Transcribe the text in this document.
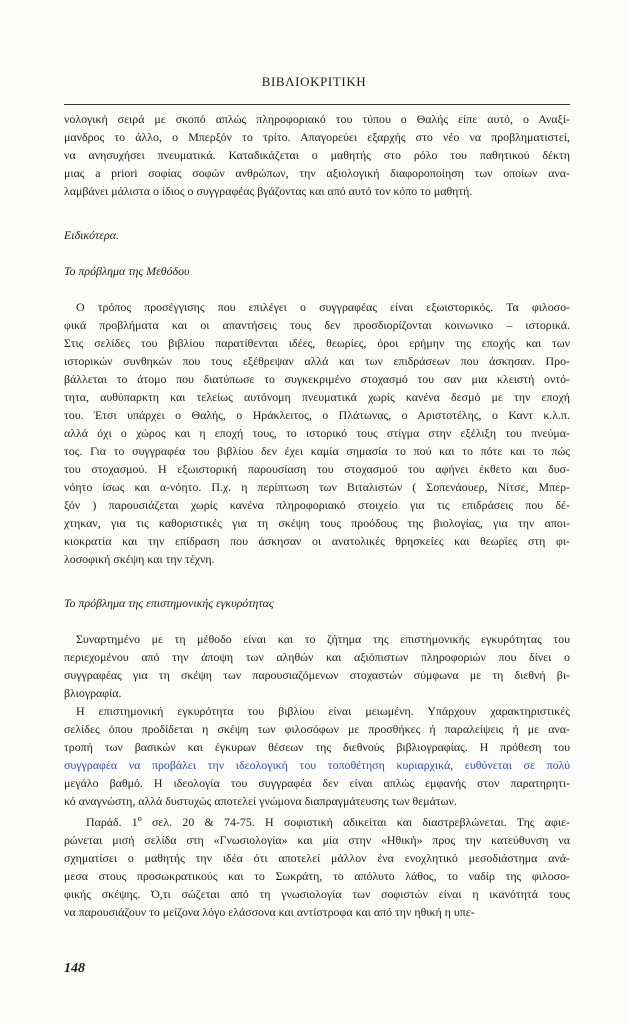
ΒΙΒΛΙΟΚΡΙΤΙΚΗ
νολογική σειρά με σκοπό απλώς πληροφοριακό του τύπου ο Θαλής είπε αυτό, ο Αναξί-
μανδρος το άλλο, ο Μπερξόν το τρίτο. Απαγορεύει εξαρχής στο νέο να προβληματιστεί,
να ανησυχήσει πνευματικά. Καταδικάζεται ο μαθητής στο ρόλο του παθητικού δέκτη
μιας a priori σοφίας σοφών ανθρώπων, την αξιολογική διαφοροποίηση των οποίων ανα-
λαμβάνει μάλιστα ο ίδιος ο συγγραφέας βγάζοντας και από αυτό τον κόπο το μαθητή.
Ειδικότερα.
Το πρόβλημα της Μεθόδου
Ο τρόπος προσέγγισης που επιλέγει ο συγγραφέας είναι εξωιστορικός. Τα φιλοσο-
φικά προβλήματα και οι απαντήσεις τους δεν προσδιορίζονται κοινωνικο – ιστορικά.
Στις σελίδες του βιβλίου παρατίθενται ιδέες, θεωρίες, όροι ερήμην της εποχής και των
ιστορικών συνθηκών που τους εξέθρεψαν αλλά και των επιδράσεων που άσκησαν. Προ-
βάλλεται το άτομο που διατύπωσε το συγκεκριμένο στοχασμό του σαν μια κλειστή οντό-
τητα, αυθύπαρκτη και τελείως αυτόνομη πνευματικά χωρίς κανένα δεσμό με την εποχή
του. Έτσι υπάρχει ο Θαλής, ο Ηράκλειτος, ο Πλάτωνας, ο Αριστοτέλης, ο Καντ κ.λ.π.
αλλά όχι ο χώρος και η εποχή τους, το ιστορικό τους στίγμα στην εξέλιξη του πνεύμα-
τος. Για το συγγραφέα του βιβλίου δεν έχει καμία σημασία το πού και το πότε και το πώς
του στοχασμού. Η εξωιστορική παρουσίαση του στοχασμού του αφήνει έκθετο και δυσ-
νόητο ίσως και α-νόητο. Π.χ. η περίπτωση των Βιταλιστών ( Σοπενάουερ, Νίτσε, Μπερ-
ξόν ) παρουσιάζεται χωρίς κανένα πληροφοριακό στοιχείο για τις επιδράσεις που δέ-
χτηκαν, για τις καθοριστικές για τη σκέψη τους προόδους της βιολογίας, για την αποι-
κιοκρατία και την επίδραση που άσκησαν οι ανατολικές θρησκείες και θεωρίες στη φι-
λοσοφική σκέψη και την τέχνη.
Το πρόβλημα της επιστημονικής εγκυρότητας
Συναρτημένο με τη μέθοδο είναι και το ζήτημα της επιστημονικής εγκυρότητας του
περιεχομένου από την άποψη των αληθών και αξιόπιστων πληροφοριών που δίνει ο
συγγραφέας για τη σκέψη των παρουσιαζόμενων στοχαστών σύμφωνα με τη διεθνή βι-
βλιογραφία.
Η επιστημονική εγκυρότητα του βιβλίου είναι μειωμένη. Υπάρχουν χαρακτηριστικές
σελίδες όπου προδίδεται η σκέψη των φιλοσόφων με προσθήκες ή παραλείψεις ή με ανα-
τροπή των βασικών και έγκυρων θέσεων της διεθνούς βιβλιογραφίας. Η πρόθεση του
συγγραφέα να προβάλει την ιδεολογική του τοποθέτηση κυριαρχικά, ευθύνεται σε πολύ
μεγάλο βαθμό. Η ιδεολογία του συγγραφέα δεν είναι απλώς εμφανής στον παρατηρητι-
κό αναγνώστη, αλλά δυστυχώς αποτελεί γνώμονα διαπραγμάτευσης των θεμάτων.
Παράδ. $1^o$ σελ. 20 & 74-75. Η σοφιστική αδικείται και διαστρεβλώνεται. Της αφιε-
ρώνεται μισή σελίδα στη «Γνωσιολογία» και μία στην «Ηθική» προς την κατεύθυνση να
σχηματίσει ο μαθητής την ιδέα ότι αποτελεί μάλλον ένα ενοχλητικό μεσοδιάστημα ανά-
μεσα στους προσωκρατικούς και το Σωκράτη, το απόλυτο λάθος, το ναδίρ της φιλοσο-
φικής σκέψης. Ό,τι σώζεται από τη γνωσιολογία των σοφιστών είναι η ικανότητά τους
να παρουσιάζουν το μείζονα λόγο ελάσσονα και αντίστροφα και από την ηθική η υπε-
148
